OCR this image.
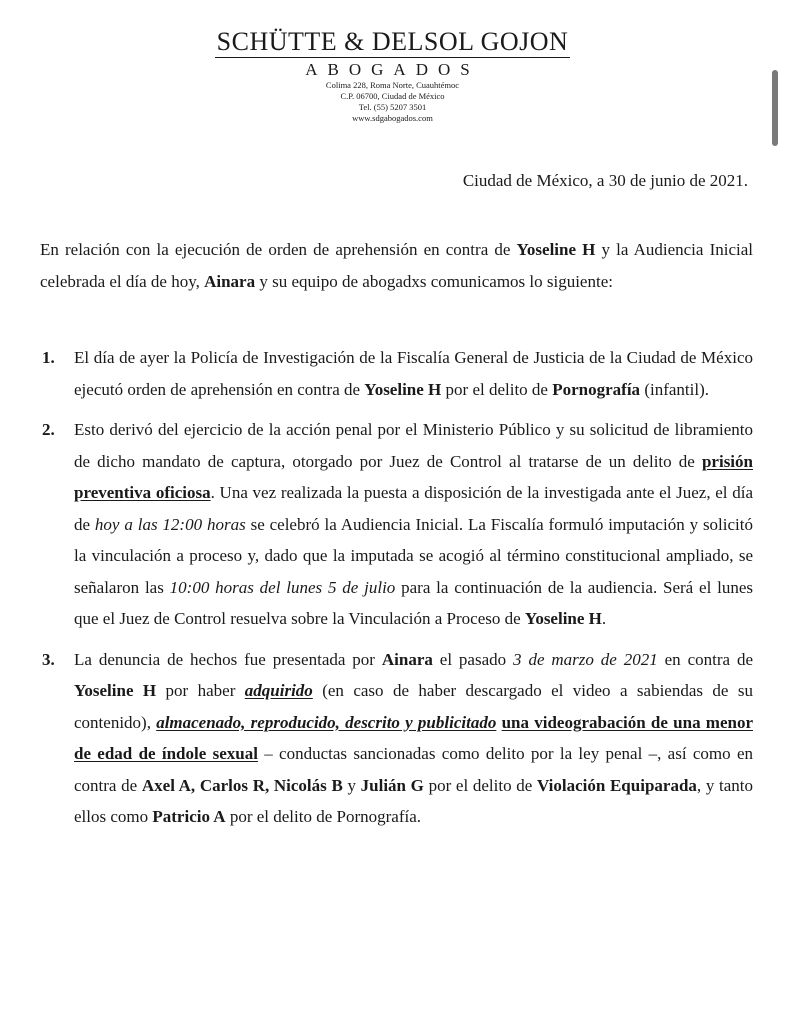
SCHÜTTE & DELSOL GOJON
ABOGADOS
Colima 228, Roma Norte, Cuauhtémoc
C.P. 06700, Ciudad de México
Tel. (55) 5207 3501
www.sdgabogados.com
Ciudad de México, a 30 de junio de 2021.
En relación con la ejecución de orden de aprehensión en contra de Yoseline H y la Audiencia Inicial celebrada el día de hoy, Ainara y su equipo de abogadxs comunicamos lo siguiente:
1. El día de ayer la Policía de Investigación de la Fiscalía General de Justicia de la Ciudad de México ejecutó orden de aprehensión en contra de Yoseline H por el delito de Pornografía (infantil).
2. Esto derivó del ejercicio de la acción penal por el Ministerio Público y su solicitud de libramiento de dicho mandato de captura, otorgado por Juez de Control al tratarse de un delito de prisión preventiva oficiosa. Una vez realizada la puesta a disposición de la investigada ante el Juez, el día de hoy a las 12:00 horas se celebró la Audiencia Inicial. La Fiscalía formuló imputación y solicitó la vinculación a proceso y, dado que la imputada se acogió al término constitucional ampliado, se señalaron las 10:00 horas del lunes 5 de julio para la continuación de la audiencia. Será el lunes que el Juez de Control resuelva sobre la Vinculación a Proceso de Yoseline H.
3. La denuncia de hechos fue presentada por Ainara el pasado 3 de marzo de 2021 en contra de Yoseline H por haber adquirido (en caso de haber descargado el video a sabiendas de su contenido), almacenado, reproducido, descrito y publicitado una videograbación de una menor de edad de índole sexual – conductas sancionadas como delito por la ley penal –, así como en contra de Axel A, Carlos R, Nicolás B y Julián G por el delito de Violación Equiparada, y tanto ellos como Patricio A por el delito de Pornografía.
